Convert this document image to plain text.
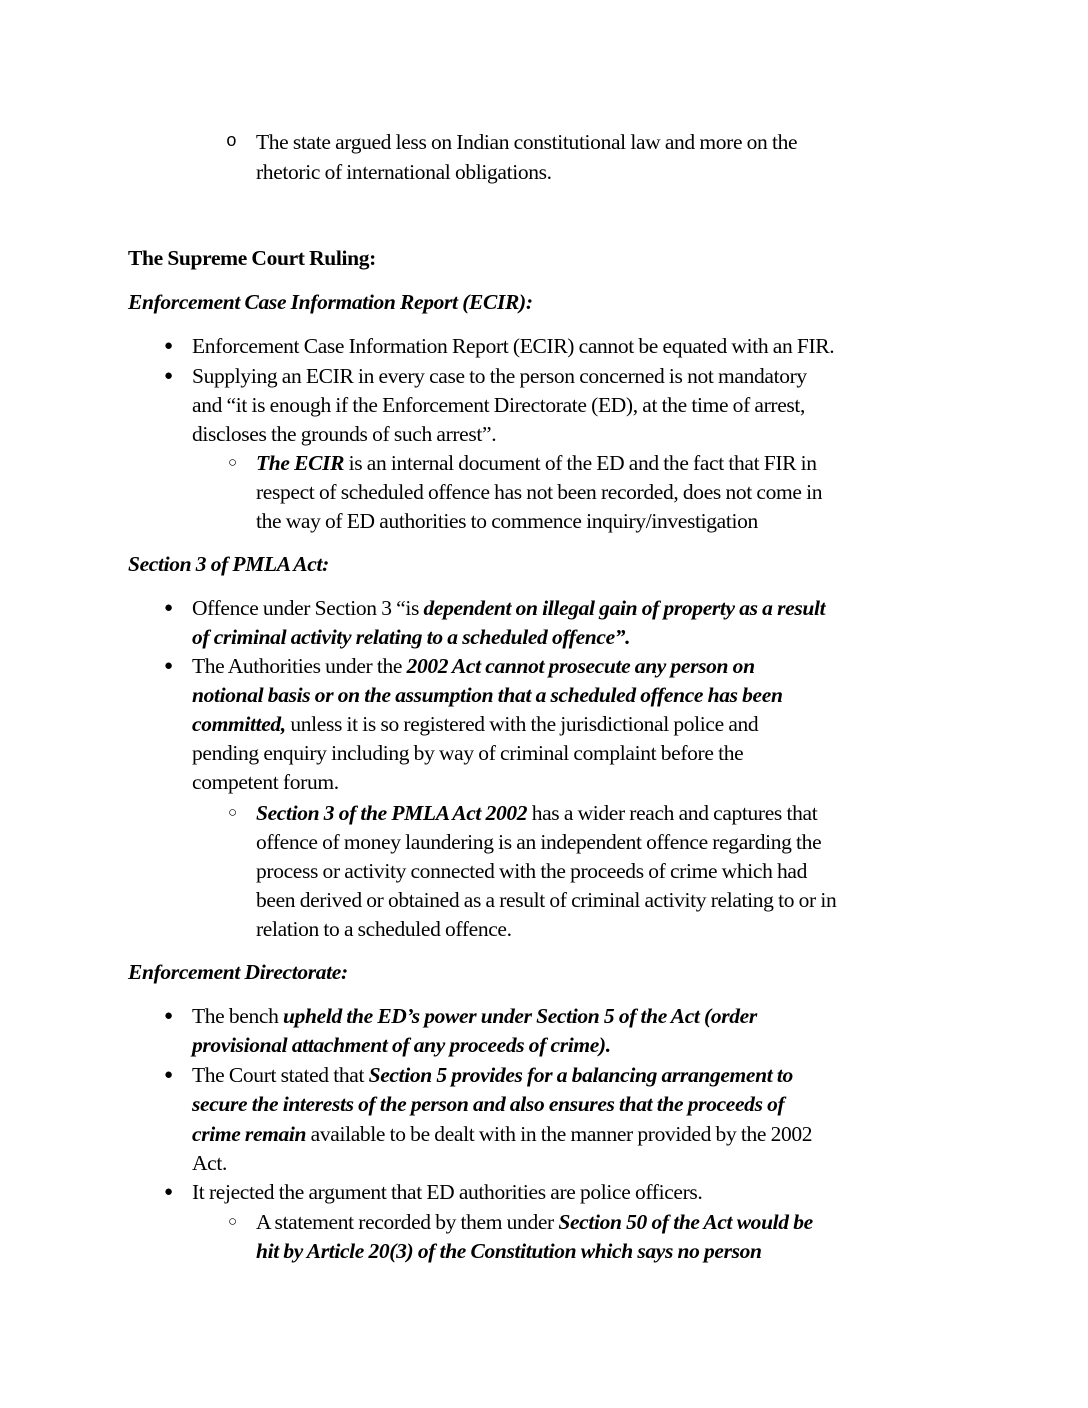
o The state argued less on Indian constitutional law and more on the
rhetoric of international obligations.
The Supreme Court Ruling:
Enforcement Case Information Report (ECIR):
● Enforcement Case Information Report (ECIR) cannot be equated with an FIR.
● Supplying an ECIR in every case to the person concerned is not mandatory
and “it is enough if the Enforcement Directorate (ED), at the time of arrest,
discloses the grounds of such arrest”.
○ The ECIR is an internal document of the ED and the fact that FIR in
respect of scheduled offence has not been recorded, does not come in
the way of ED authorities to commence inquiry/investigation
Section 3 of PMLA Act:
● Offence under Section 3 “is dependent on illegal gain of property as a result
of criminal activity relating to a scheduled offence”.
● The Authorities under the 2002 Act cannot prosecute any person on
notional basis or on the assumption that a scheduled offence has been
committed, unless it is so registered with the jurisdictional police and
pending enquiry including by way of criminal complaint before the
competent forum.
○ Section 3 of the PMLA Act 2002 has a wider reach and captures that
offence of money laundering is an independent offence regarding the
process or activity connected with the proceeds of crime which had
been derived or obtained as a result of criminal activity relating to or in
relation to a scheduled offence.
Enforcement Directorate:
● The bench upheld the ED’s power under Section 5 of the Act (order
provisional attachment of any proceeds of crime).
● The Court stated that Section 5 provides for a balancing arrangement to
secure the interests of the person and also ensures that the proceeds of
crime remain available to be dealt with in the manner provided by the 2002
Act.
● It rejected the argument that ED authorities are police officers.
○ A statement recorded by them under Section 50 of the Act would be
hit by Article 20(3) of the Constitution which says no person
